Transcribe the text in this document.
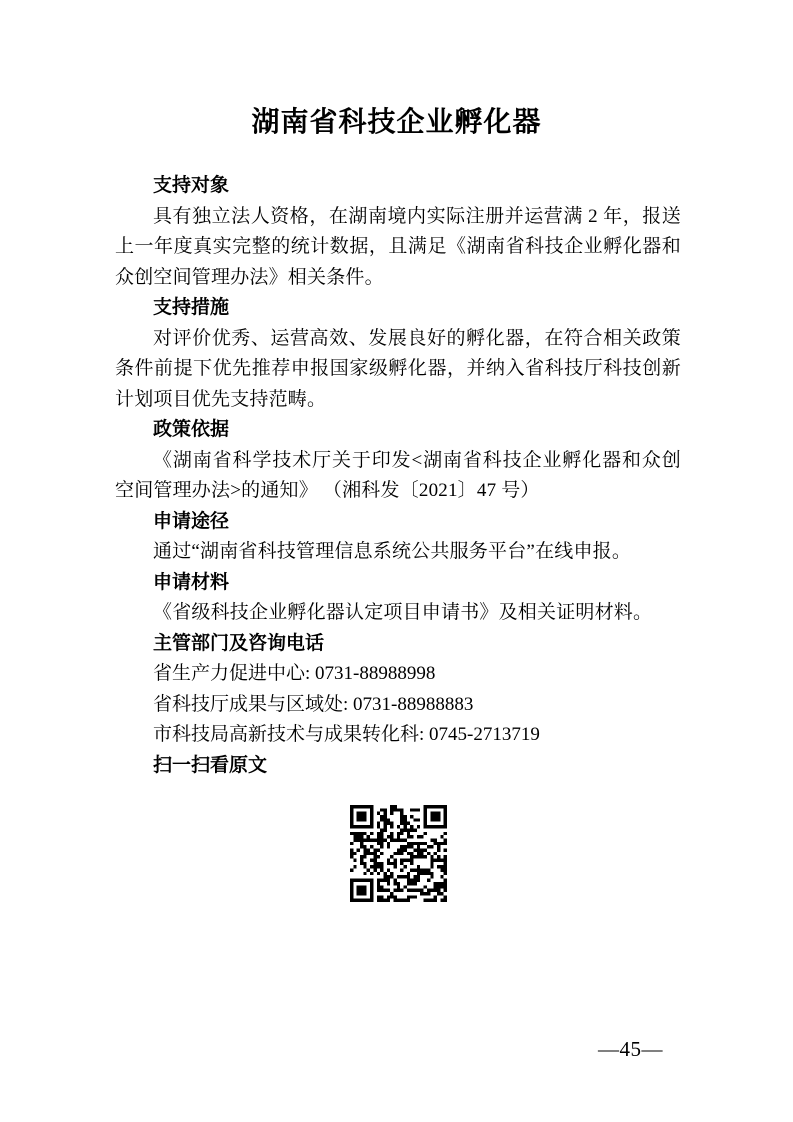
湖南省科技企业孵化器
支持对象

具有独立法人资格，在湖南境内实际注册并运营满 2 年，报送上一年度真实完整的统计数据，且满足《湖南省科技企业孵化器和众创空间管理办法》相关条件。

支持措施

对评价优秀、运营高效、发展良好的孵化器，在符合相关政策条件前提下优先推荐申报国家级孵化器，并纳入省科技厅科技创新计划项目优先支持范畴。

政策依据

《湖南省科学技术厅关于印发<湖南省科技企业孵化器和众创空间管理办法>的通知》 （湘科发〔2021〕47 号）

申请途径

通过“湖南省科技管理信息系统公共服务平台”在线申报。

申请材料

《省级科技企业孵化器认定项目申请书》及相关证明材料。

主管部门及咨询电话

省生产力促进中心: 0731-88988998

省科技厅成果与区域处: 0731-88988883

市科技局高新技术与成果转化科: 0745-2713719

扫一扫看原文
—45—
